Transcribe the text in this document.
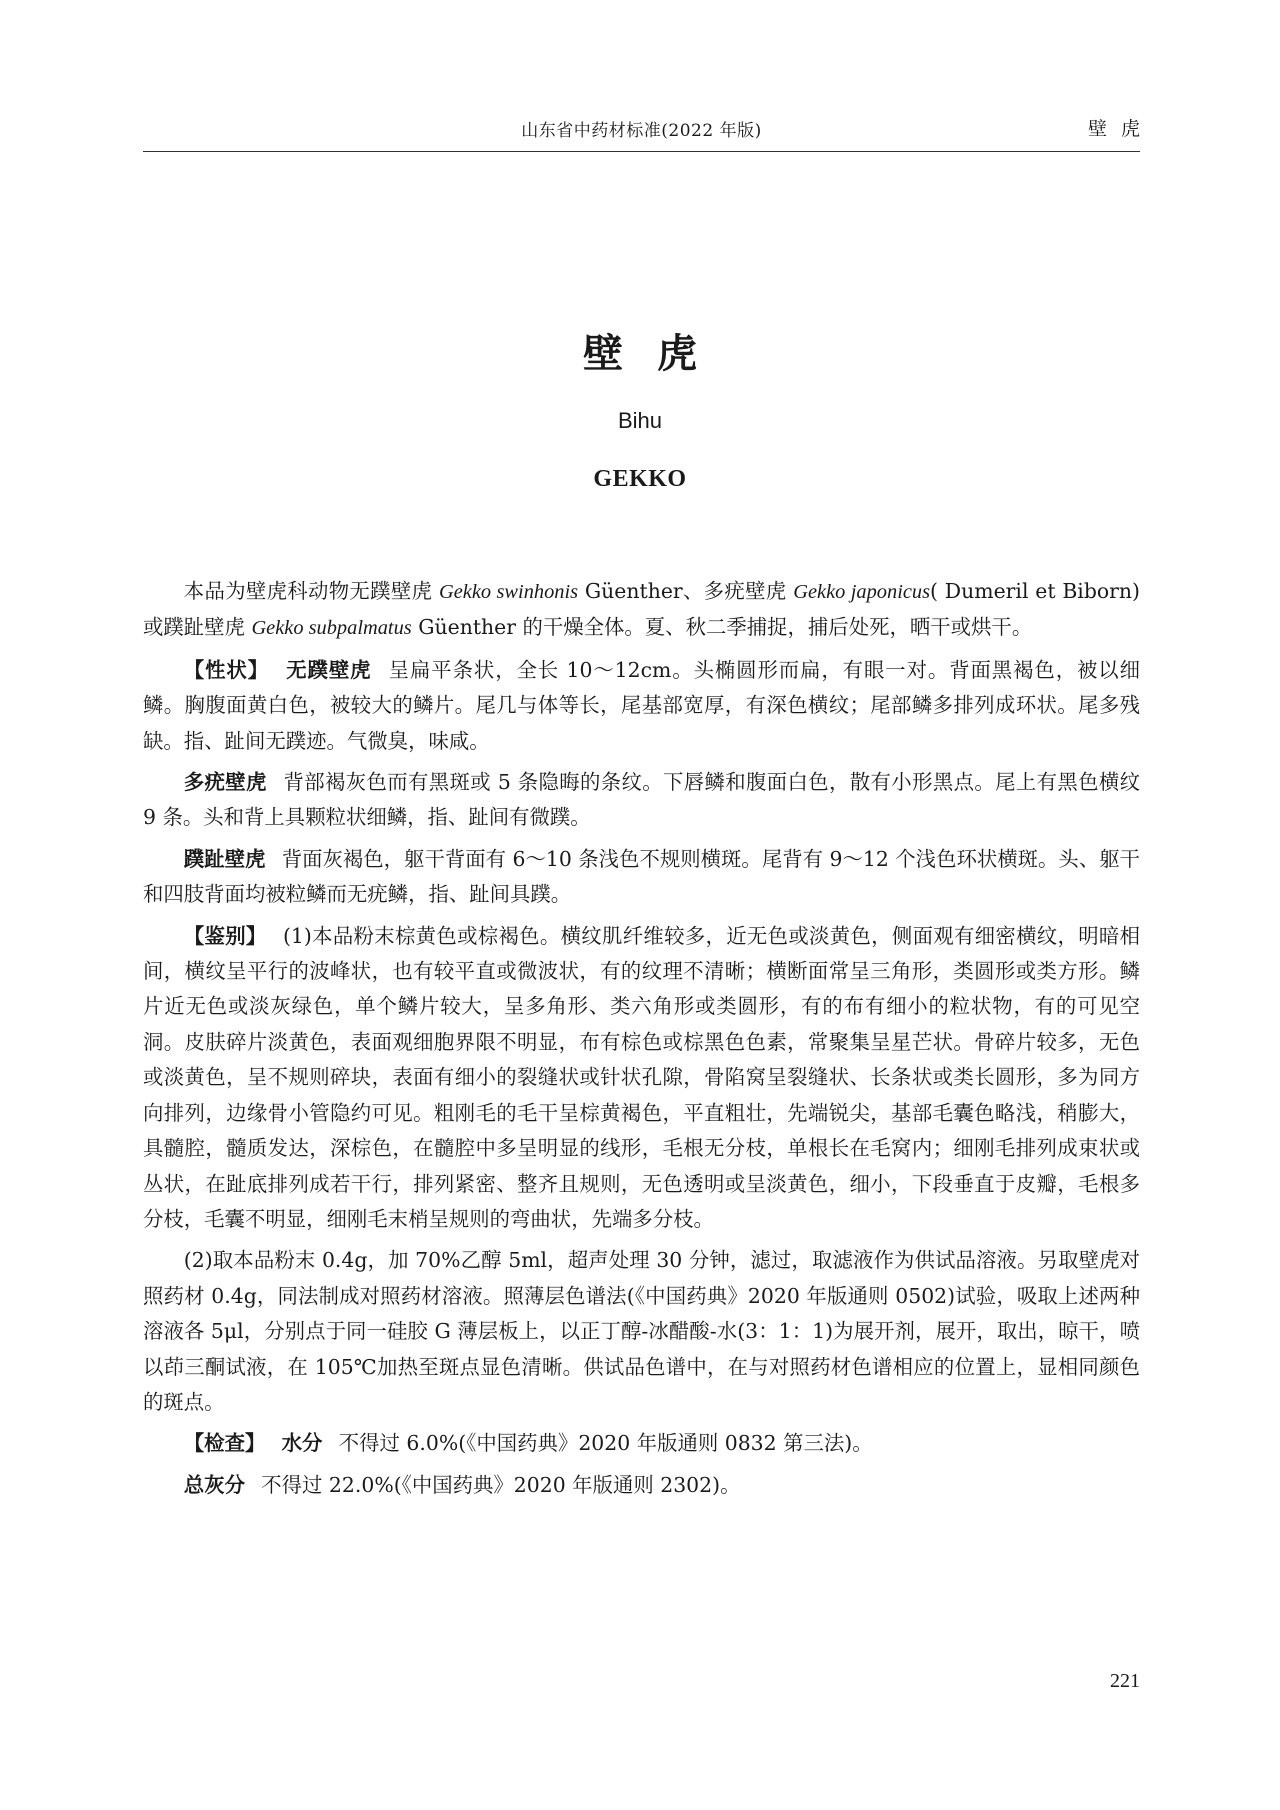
山东省中药材标准(2022 年版)	壁虎
壁虎
Bihu
GEKKO

本品为壁虎科动物无蹼壁虎 Gekko swinhonis Güenther、多疣壁虎 Gekko japonicus( Dumeril et Biborn)或蹼趾壁虎 Gekko subpalmatus Güenther 的干燥全体。夏、秋二季捕捉，捕后处死，晒干或烘干。

【性状】 无蹼壁虎 呈扁平条状，全长 10～12cm。头椭圆形而扁，有眼一对。背面黑褐色，被以细鳞。胸腹面黄白色，被较大的鳞片。尾几与体等长，尾基部宽厚，有深色横纹；尾部鳞多排列成环状。尾多残缺。指、趾间无蹼迹。气微臭，味咸。

多疣壁虎 背部褐灰色而有黑斑或 5 条隐晦的条纹。下唇鳞和腹面白色，散有小形黑点。尾上有黑色横纹 9 条。头和背上具颗粒状细鳞，指、趾间有微蹼。

蹼趾壁虎 背面灰褐色，躯干背面有 6～10 条浅色不规则横斑。尾背有 9～12 个浅色环状横斑。头、躯干和四肢背面均被粒鳞而无疣鳞，指、趾间具蹼。

【鉴别】 (1)本品粉末棕黄色或棕褐色。横纹肌纤维较多，近无色或淡黄色，侧面观有细密横纹，明暗相间，横纹呈平行的波峰状，也有较平直或微波状，有的纹理不清晰；横断面常呈三角形，类圆形或类方形。鳞片近无色或淡灰绿色，单个鳞片较大，呈多角形、类六角形或类圆形，有的布有细小的粒状物，有的可见空洞。皮肤碎片淡黄色，表面观细胞界限不明显，布有棕色或棕黑色色素，常聚集呈星芒状。骨碎片较多，无色或淡黄色，呈不规则碎块，表面有细小的裂缝状或针状孔隙，骨陷窝呈裂缝状、长条状或类长圆形，多为同方向排列，边缘骨小管隐约可见。粗刚毛的毛干呈棕黄褐色，平直粗壮，先端锐尖，基部毛囊色略浅，稍膨大，具髓腔，髓质发达，深棕色，在髓腔中多呈明显的线形，毛根无分枝，单根长在毛窝内；细刚毛排列成束状或丛状，在趾底排列成若干行，排列紧密、整齐且规则，无色透明或呈淡黄色，细小，下段垂直于皮瓣，毛根多分枝，毛囊不明显，细刚毛末梢呈规则的弯曲状，先端多分枝。

(2)取本品粉末 0.4g，加 70%乙醇 5ml，超声处理 30 分钟，滤过，取滤液作为供试品溶液。另取壁虎对照药材 0.4g，同法制成对照药材溶液。照薄层色谱法(《中国药典》2020 年版通则 0502)试验，吸取上述两种溶液各 5μl，分别点于同一硅胶 G 薄层板上，以正丁醇-冰醋酸-水(3：1：1)为展开剂，展开，取出，晾干，喷以茚三酮试液，在 105℃加热至斑点显色清晰。供试品色谱中，在与对照药材色谱相应的位置上，显相同颜色的斑点。

【检查】 水分 不得过 6.0%(《中国药典》2020 年版通则 0832 第三法)。

总灰分 不得过 22.0%(《中国药典》2020 年版通则 2302)。

221
